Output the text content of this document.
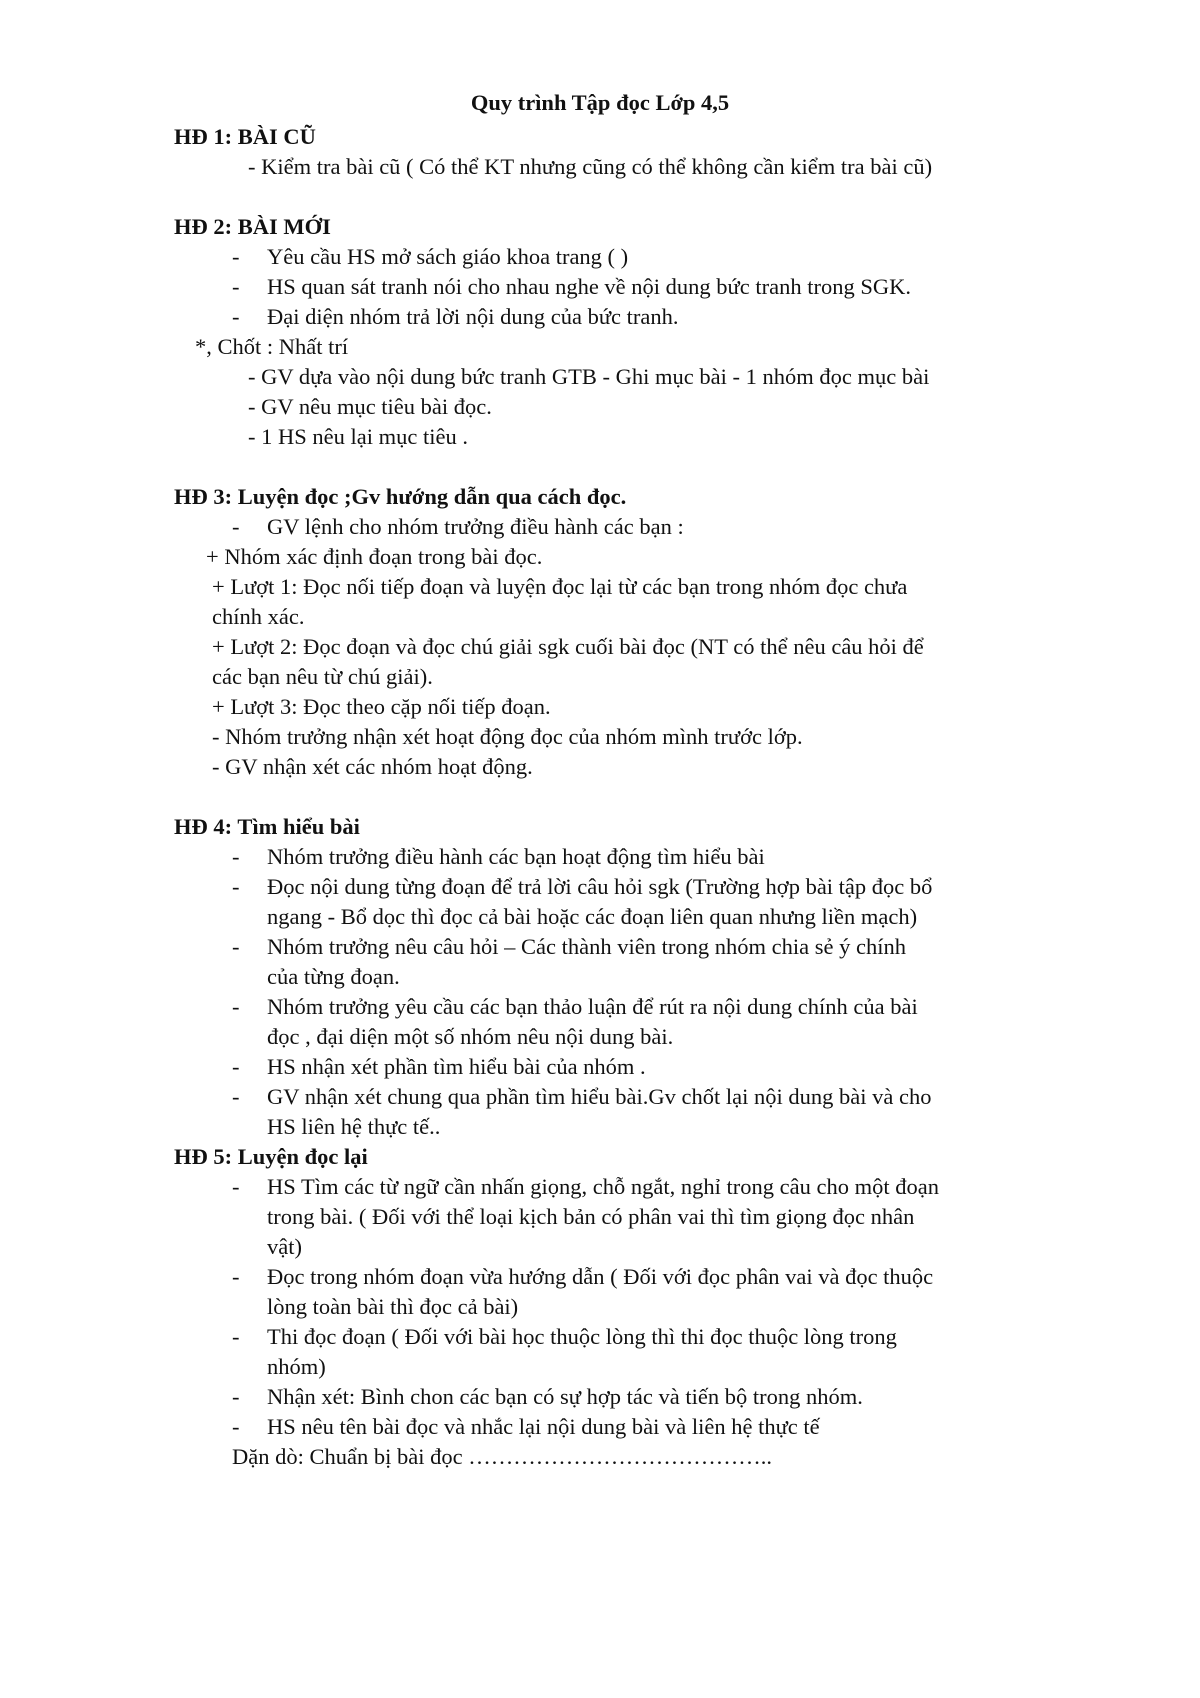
Quy trình Tập đọc Lớp 4,5
HĐ 1: BÀI CŨ
- Kiểm tra bài cũ ( Có thể KT nhưng cũng có thể không cần kiểm tra bài cũ)
HĐ 2: BÀI MỚI
- Yêu cầu HS mở sách giáo khoa trang ( )
- HS quan sát tranh nói cho nhau nghe về nội dung bức tranh trong SGK.
- Đại diện nhóm trả lời nội dung của bức tranh.
*, Chốt : Nhất trí
- GV dựa vào nội dung bức tranh GTB - Ghi mục bài - 1 nhóm đọc mục bài
- GV nêu mục tiêu bài đọc.
- 1 HS nêu lại mục tiêu .
HĐ 3: Luyện đọc ;Gv hướng dẫn qua cách đọc.
- GV lệnh cho nhóm trưởng điều hành các bạn :
+ Nhóm xác định đoạn trong bài đọc.
+ Lượt 1: Đọc nối tiếp đoạn và luyện đọc lại từ các bạn trong nhóm đọc chưa
chính xác.
+ Lượt 2: Đọc đoạn và đọc chú giải sgk cuối bài đọc (NT có thể nêu câu hỏi để
các bạn nêu từ chú giải).
+ Lượt 3: Đọc theo cặp nối tiếp đoạn.
- Nhóm trưởng nhận xét hoạt động đọc của nhóm mình trước lớp.
- GV nhận xét các nhóm hoạt động.
HĐ 4: Tìm hiểu bài
- Nhóm trưởng điều hành các bạn hoạt động tìm hiểu bài
- Đọc nội dung từng đoạn để trả lời câu hỏi sgk (Trường hợp bài tập đọc bổ
ngang - Bổ dọc thì đọc cả bài hoặc các đoạn liên quan nhưng liền mạch)
- Nhóm trưởng nêu câu hỏi – Các thành viên trong nhóm chia sẻ ý chính
của từng đoạn.
- Nhóm trưởng yêu cầu các bạn thảo luận để rút ra nội dung chính của bài
đọc , đại diện một số nhóm nêu nội dung bài.
- HS nhận xét phần tìm hiểu bài của nhóm .
- GV nhận xét chung qua phần tìm hiểu bài.Gv chốt lại nội dung bài và cho
HS liên hệ thực tế..
HĐ 5: Luyện đọc lại
- HS Tìm các từ ngữ cần nhấn giọng, chỗ ngắt, nghỉ trong câu cho một đoạn
trong bài. ( Đối với thể loại kịch bản có phân vai thì tìm giọng đọc nhân
vật)
- Đọc trong nhóm đoạn vừa hướng dẫn ( Đối với đọc phân vai và đọc thuộc
lòng toàn bài thì đọc cả bài)
- Thi đọc đoạn ( Đối với bài học thuộc lòng thì thi đọc thuộc lòng trong
nhóm)
- Nhận xét: Bình chon các bạn có sự hợp tác và tiến bộ trong nhóm.
- HS nêu tên bài đọc và nhắc lại nội dung bài và liên hệ thực tế
Dặn dò: Chuẩn bị bài đọc …………………………………..
